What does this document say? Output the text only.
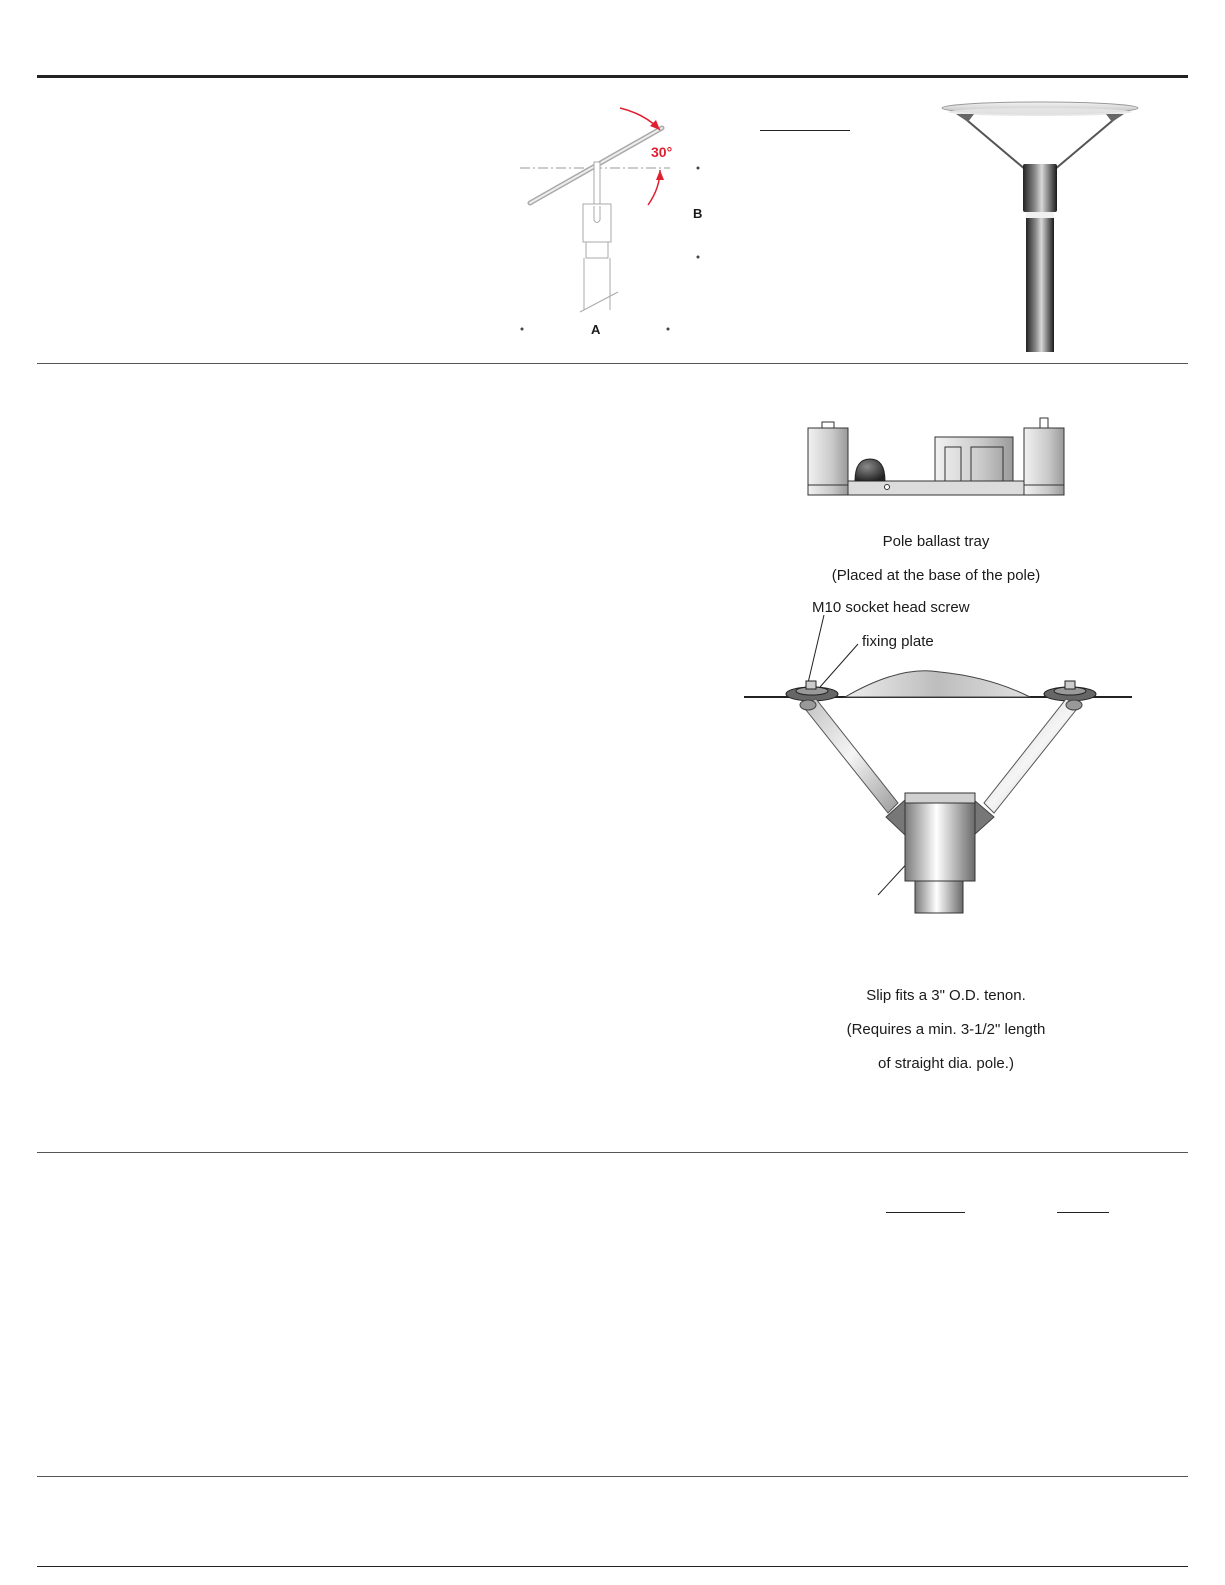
30°
B
A

Pole ballast tray

(Placed at the base of the pole)

M10 socket head screw
fixing plate

Slip fits a 3" O.D. tenon.

(Requires a min. 3-1/2" length

of straight dia. pole.)
